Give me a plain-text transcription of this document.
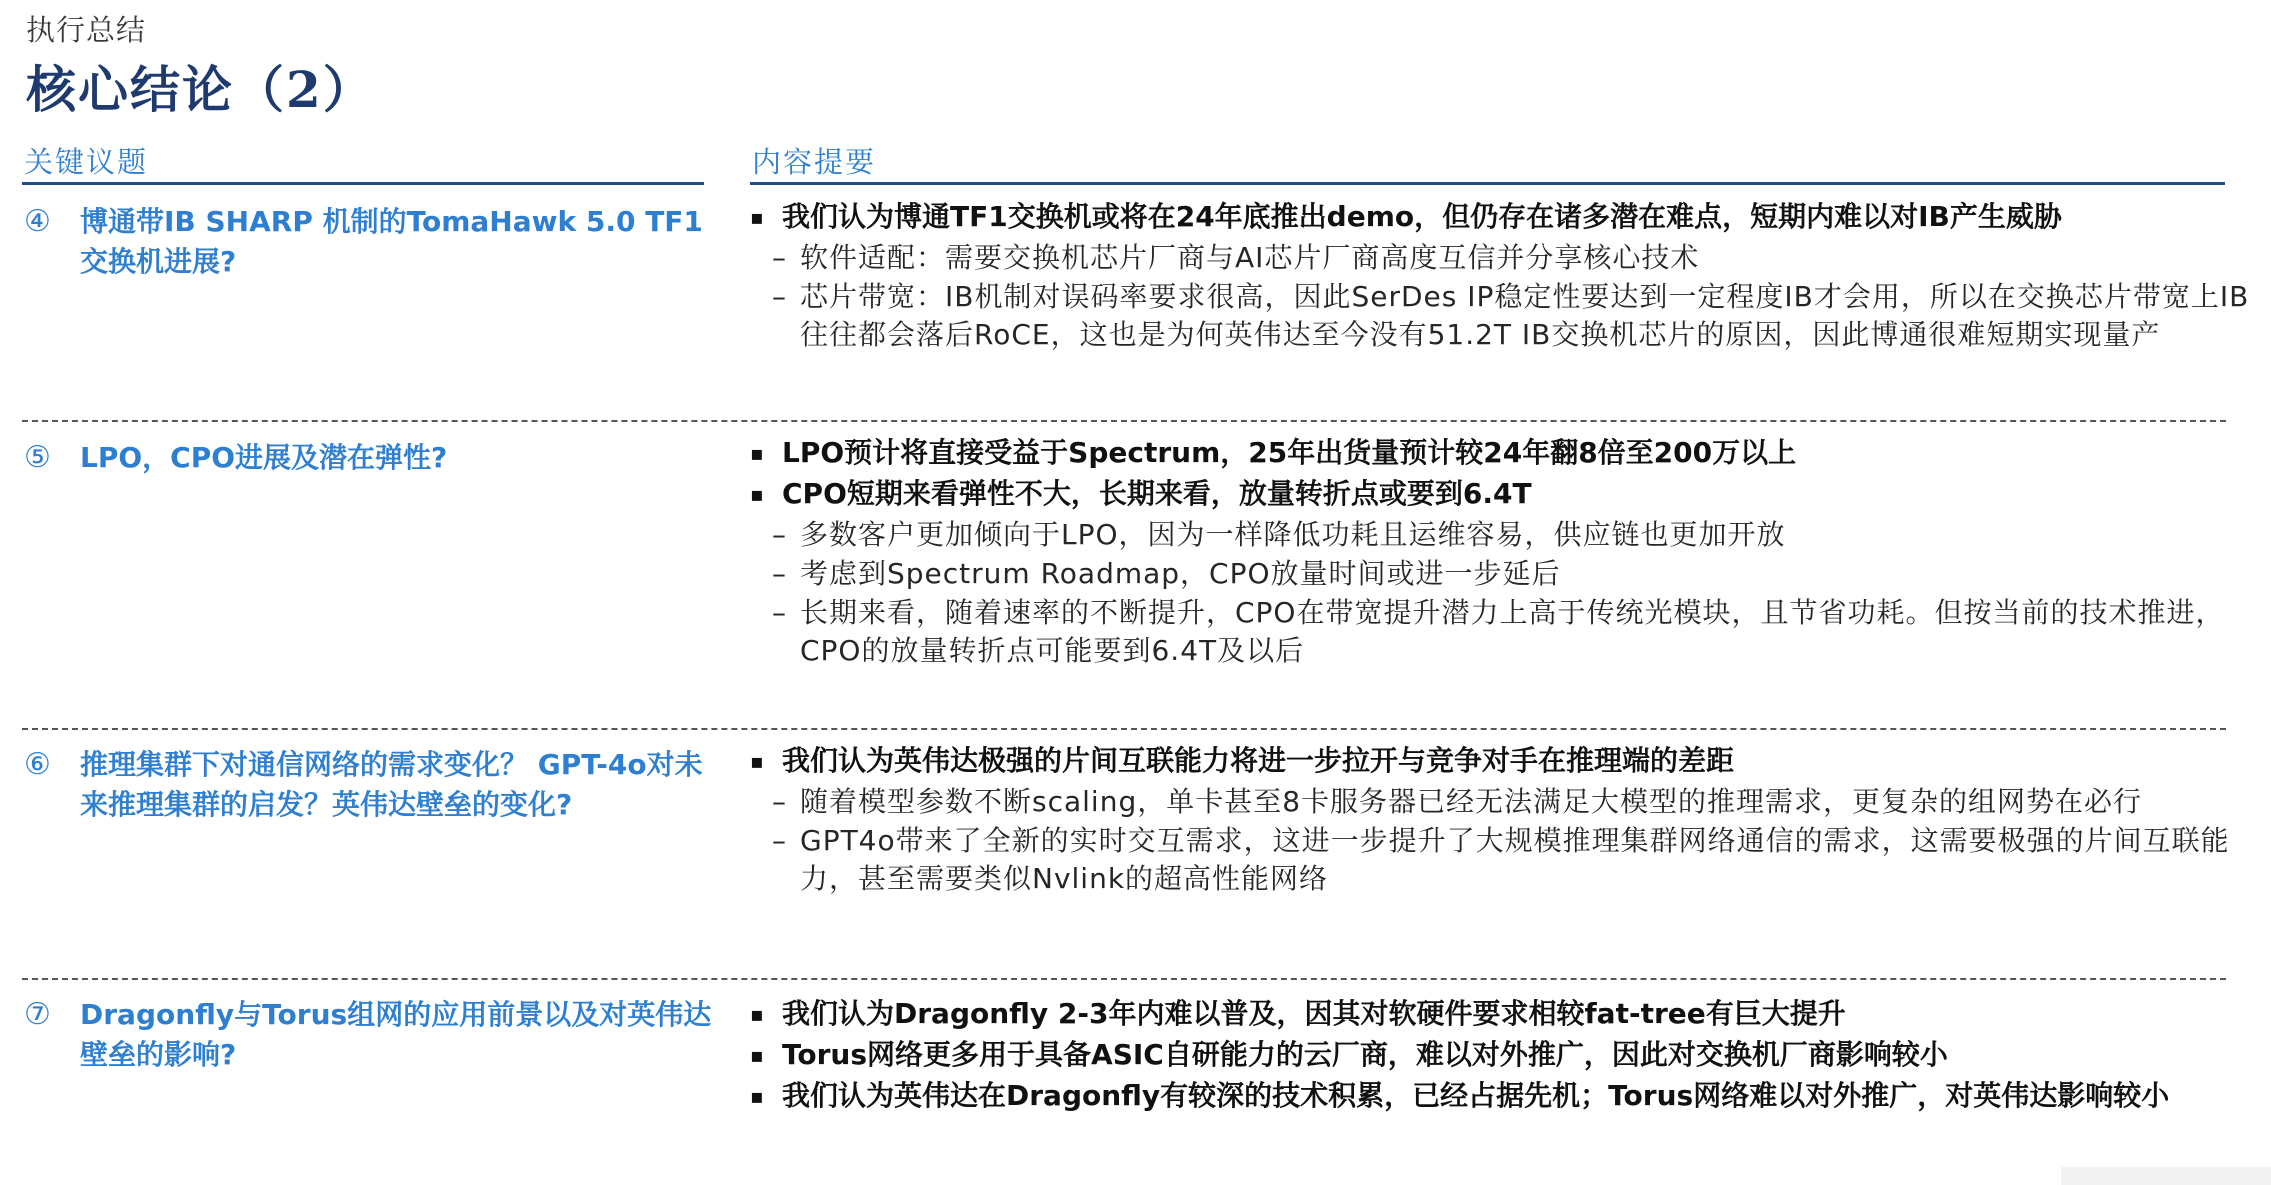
执行总结
核心结论（2）
关键议题	内容提要
④	博通带IB SHARP 机制的TomaHawk 5.0 TF1交换机进展?
▪ 我们认为博通TF1交换机或将在24年底推出demo，但仍存在诸多潜在难点，短期内难以对IB产生威胁
– 软件适配：需要交换机芯片厂商与AI芯片厂商高度互信并分享核心技术
– 芯片带宽：IB机制对误码率要求很高，因此SerDes IP稳定性要达到一定程度IB才会用，所以在交换芯片带宽上IB往往都会落后RoCE，这也是为何英伟达至今没有51.2T IB交换机芯片的原因，因此博通很难短期实现量产
⑤	LPO，CPO进展及潜在弹性?	▪ LPO预计将直接受益于Spectrum，25年出货量预计较24年翻8倍至200万以上
▪ CPO短期来看弹性不大，长期来看，放量转折点或要到6.4T
– 多数客户更加倾向于LPO，因为一样降低功耗且运维容易，供应链也更加开放
– 考虑到Spectrum Roadmap，CPO放量时间或进一步延后
– 长期来看，随着速率的不断提升，CPO在带宽提升潜力上高于传统光模块，且节省功耗。但按当前的技术推进，CPO的放量转折点可能要到6.4T及以后
⑥	推理集群下对通信网络的需求变化？ GPT-4o对未来推理集群的启发？英伟达壁垒的变化?
▪ 我们认为英伟达极强的片间互联能力将进一步拉开与竞争对手在推理端的差距
– 随着模型参数不断scaling，单卡甚至8卡服务器已经无法满足大模型的推理需求，更复杂的组网势在必行
– GPT4o带来了全新的实时交互需求，这进一步提升了大规模推理集群网络通信的需求，这需要极强的片间互联能力，甚至需要类似Nvlink的超高性能网络
⑦	Dragonfly与Torus组网的应用前景以及对英伟达壁垒的影响?
▪ 我们认为Dragonfly 2-3年内难以普及，因其对软硬件要求相较fat-tree有巨大提升
▪ Torus网络更多用于具备ASIC自研能力的云厂商，难以对外推广，因此对交换机厂商影响较小
▪ 我们认为英伟达在Dragonfly有较深的技术积累，已经占据先机；Torus网络难以对外推广，对英伟达影响较小
